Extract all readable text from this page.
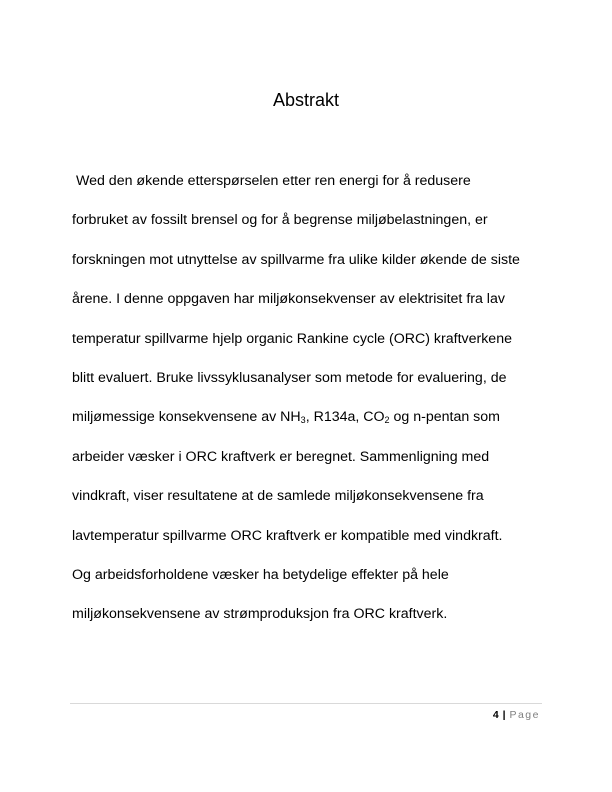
Abstrakt
Wed den økende etterspørselen etter ren energi for å redusere
forbruket av fossilt brensel og for å begrense miljøbelastningen, er
forskningen mot utnyttelse av spillvarme fra ulike kilder økende de siste
årene. I denne oppgaven har miljøkonsekvenser av elektrisitet fra lav
temperatur spillvarme hjelp organic Rankine cycle (ORC) kraftverkene
blitt evaluert. Bruke livssyklusanalyser som metode for evaluering, de
miljømessige konsekvensene av $NH_3$, R134a, $CO_2$ og n-pentan som
arbeider væsker i ORC kraftverk er beregnet. Sammenligning med
vindkraft, viser resultatene at de samlede miljøkonsekvensene fra
lavtemperatur spillvarme ORC kraftverk er kompatible med vindkraft.
Og arbeidsforholdene væsker ha betydelige effekter på hele
miljøkonsekvensene av strømproduksjon fra ORC kraftverk.
4 | Page
